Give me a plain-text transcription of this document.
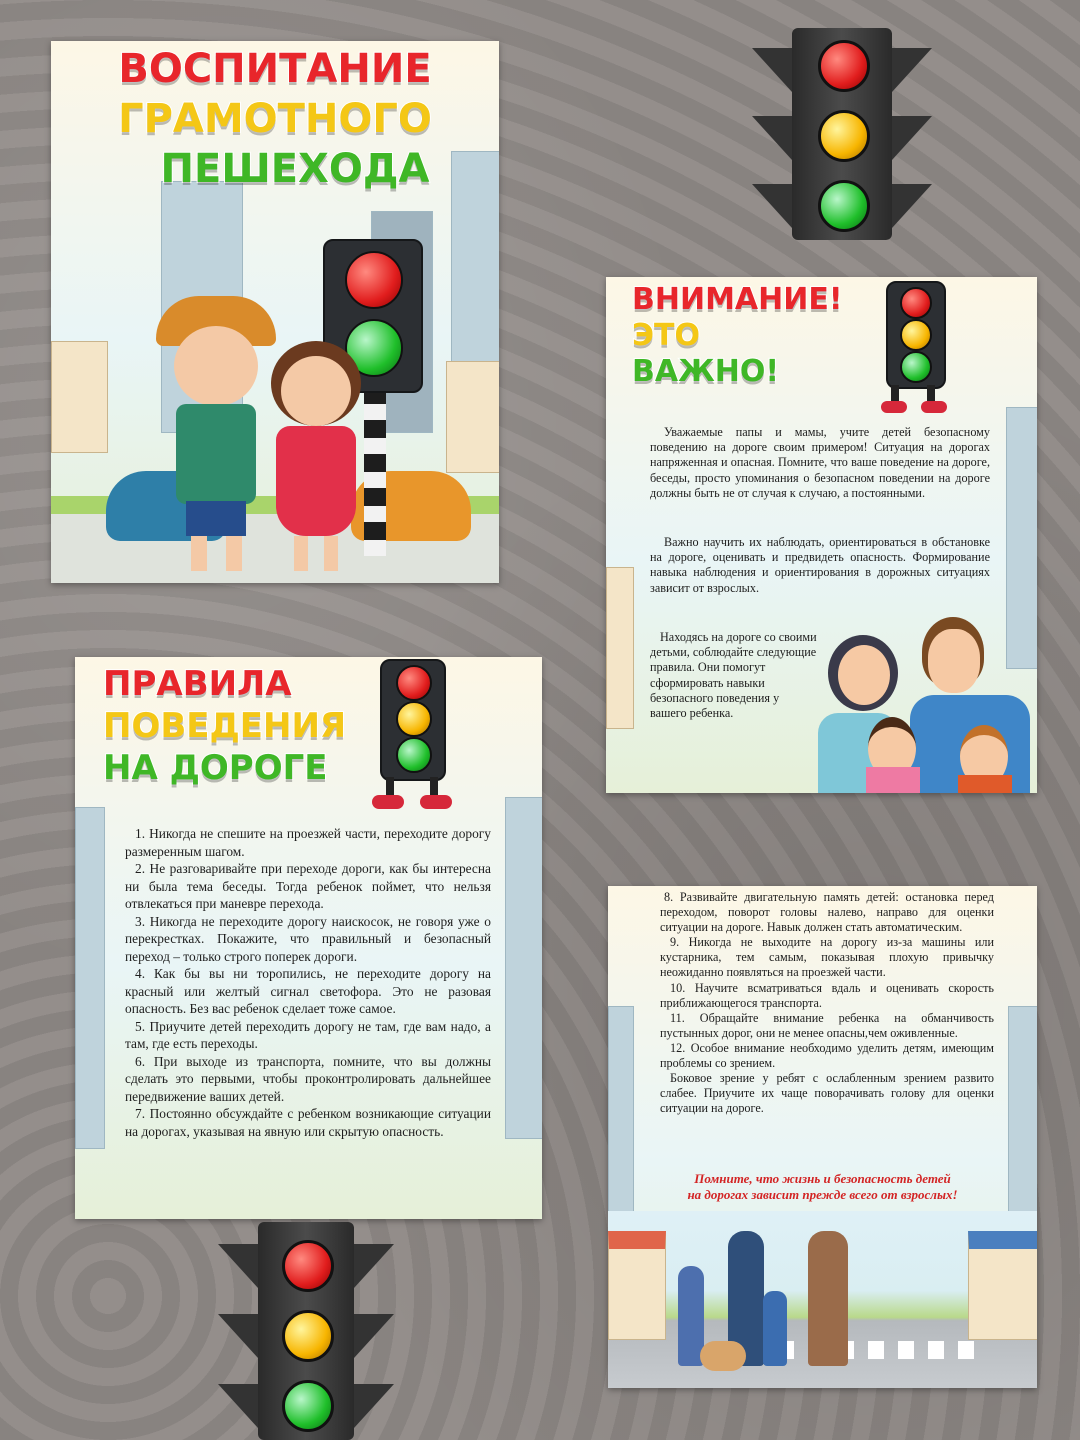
ВОСПИТАНИЕ
ГРАМОТНОГО
ПЕШЕХОДА
ВНИМАНИЕ!
ЭТО
ВАЖНО!
Уважаемые папы и мамы, учите детей безопасному поведению на дороге своим примером! Ситуация на дорогах напряженная и опасная. Помните, что ваше поведение на дороге, беседы, просто упоминания о безопасном поведении на дороге должны быть не от случая к случаю, а постоянными.
Важно научить их наблюдать, ориентироваться в обстановке на дороге, оценивать и предвидеть опасность. Формирование навыка наблюдения и ориентирования в дорожных ситуациях зависит от взрослых.
Находясь на дороге со своими детьми, соблюдайте следующие правила. Они помогут сформировать навыки безопасного поведения у вашего ребенка.
ПРАВИЛА
ПОВЕДЕНИЯ
НА ДОРОГЕ
1. Никогда не спешите на проезжей части, переходите дорогу размеренным шагом.
2. Не разговаривайте при переходе дороги, как бы интересна ни была тема беседы. Тогда ребенок поймет, что нельзя отвлекаться при маневре перехода.
3. Никогда не переходите дорогу наискосок, не говоря уже о перекрестках. Покажите, что правильный и безопасный переход – только строго поперек дороги.
4. Как бы вы ни торопились, не переходите дорогу на красный или желтый сигнал светофора. Это не разовая опасность. Без вас ребенок сделает тоже самое.
5. Приучите детей переходить дорогу не там, где вам надо, а там, где есть переходы.
6. При выходе из транспорта, помните, что вы должны сделать это первыми, чтобы проконтролировать дальнейшее передвижение ваших детей.
7. Постоянно обсуждайте с ребенком возникающие ситуации на дорогах, указывая на явную или скрытую опасность.
8. Развивайте двигательную память детей: остановка перед переходом, поворот головы налево, направо для оценки ситуации на дороге. Навык должен стать автоматическим.
9. Никогда не выходите на дорогу из-за машины или кустарника, тем самым, показывая плохую привычку неожиданно появляться на проезжей части.
10. Научите всматриваться вдаль и оценивать скорость приближающегося транспорта.
11. Обращайте внимание ребенка на обманчивость пустынных дорог, они не менее опасны,чем оживленные.
12. Особое внимание необходимо уделить детям, имеющим проблемы со зрением.
Боковое зрение у ребят с ослабленным зрением развито слабее. Приучите их чаще поворачивать голову для оценки ситуации на дороге.
Помните, что жизнь и безопасность детей
на дорогах зависит прежде всего от взрослых!
